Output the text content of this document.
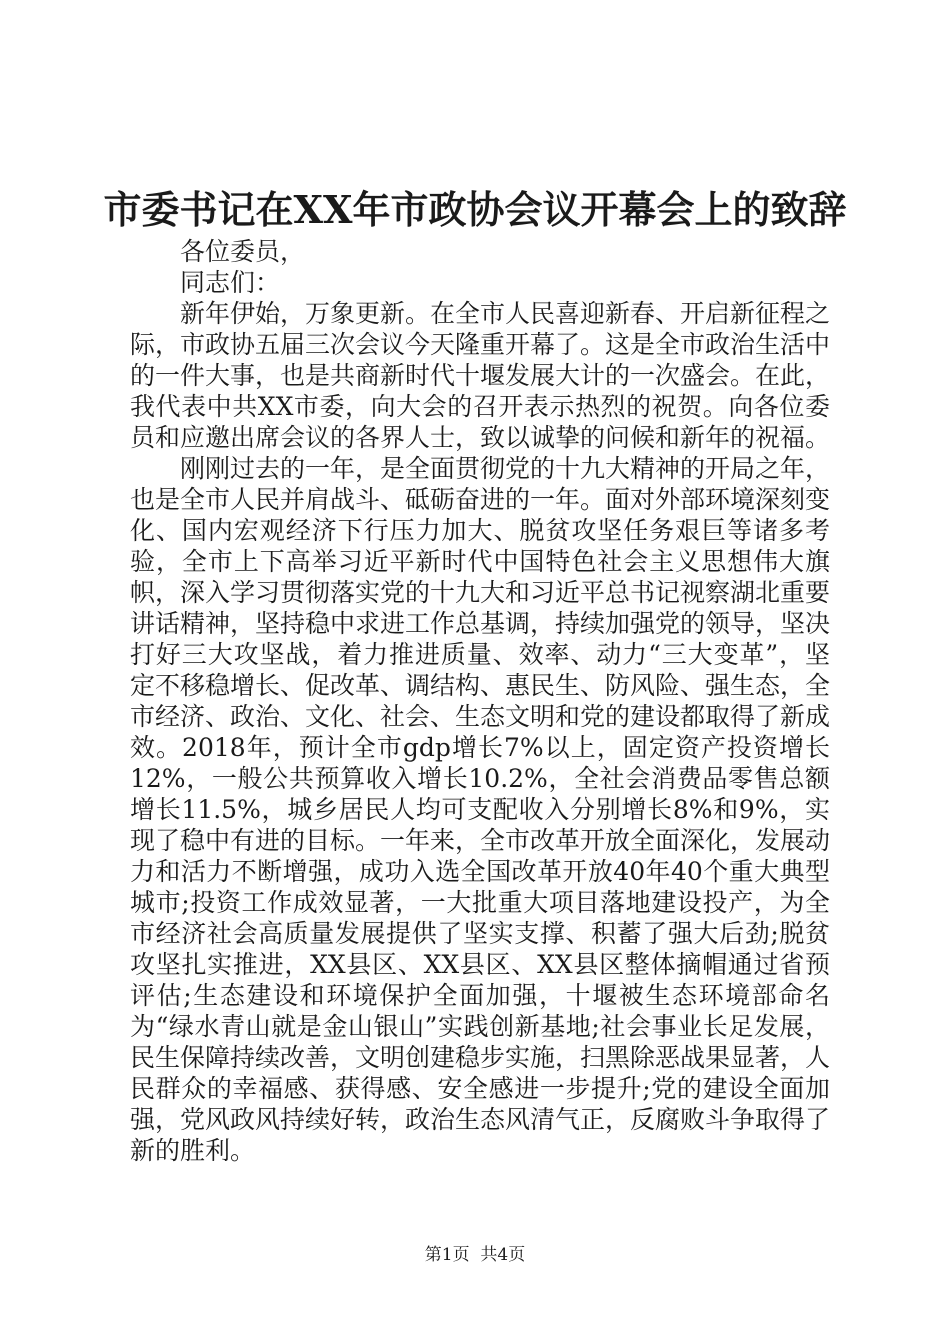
市委书记在XX年市政协会议开幕会上的致辞

各位委员，

同志们：

新年伊始，万象更新。在全市人民喜迎新春、开启新征程之际，市政协五届三次会议今天隆重开幕了。这是全市政治生活中的一件大事，也是共商新时代十堰发展大计的一次盛会。在此，我代表中共XX市委，向大会的召开表示热烈的祝贺。向各位委员和应邀出席会议的各界人士，致以诚挚的问候和新年的祝福。

刚刚过去的一年，是全面贯彻党的十九大精神的开局之年，也是全市人民并肩战斗、砥砺奋进的一年。面对外部环境深刻变化、国内宏观经济下行压力加大、脱贫攻坚任务艰巨等诸多考验，全市上下高举习近平新时代中国特色社会主义思想伟大旗帜，深入学习贯彻落实党的十九大和习近平总书记视察湖北重要讲话精神，坚持稳中求进工作总基调，持续加强党的领导，坚决打好三大攻坚战，着力推进质量、效率、动力“三大变革”，坚定不移稳增长、促改革、调结构、惠民生、防风险、强生态，全市经济、政治、文化、社会、生态文明和党的建设都取得了新成效。2018年，预计全市gdp增长7%以上，固定资产投资增长12%，一般公共预算收入增长10.2%，全社会消费品零售总额增长11.5%，城乡居民人均可支配收入分别增长8%和9%，实现了稳中有进的目标。一年来，全市改革开放全面深化，发展动力和活力不断增强，成功入选全国改革开放40年40个重大典型城市;投资工作成效显著，一大批重大项目落地建设投产，为全市经济社会高质量发展提供了坚实支撑、积蓄了强大后劲;脱贫攻坚扎实推进，XX县区、XX县区、XX县区整体摘帽通过省预评估;生态建设和环境保护全面加强，十堰被生态环境部命名为“绿水青山就是金山银山”实践创新基地;社会事业长足发展，民生保障持续改善，文明创建稳步实施，扫黑除恶战果显著，人民群众的幸福感、获得感、安全感进一步提升;党的建设全面加强，党风政风持续好转，政治生态风清气正，反腐败斗争取得了新的胜利。

第1页 共4页
